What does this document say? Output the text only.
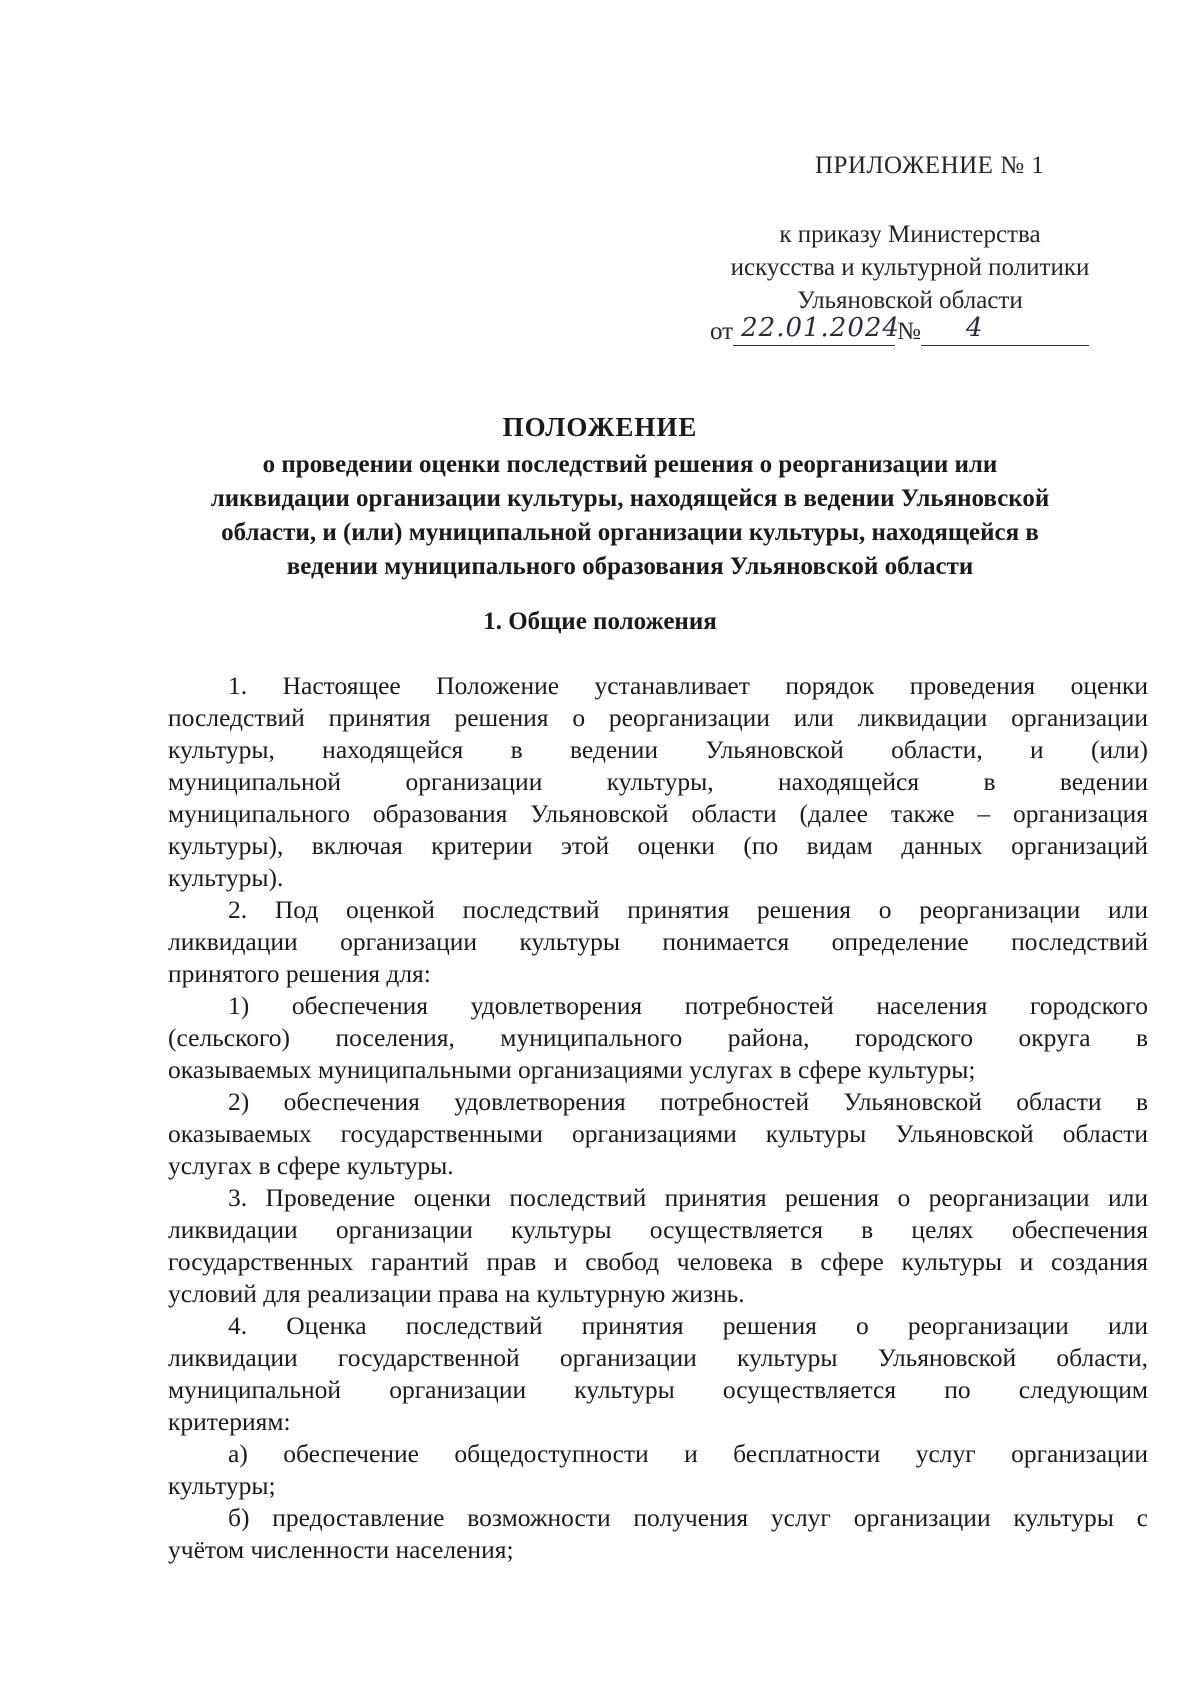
ПРИЛОЖЕНИЕ № 1
к приказу Министерства
искусства и культурной политики
Ульяновской области
от 22.01.2024
№ 4
ПОЛОЖЕНИЕ
о проведении оценки последствий решения о реорганизации или
ликвидации организации культуры, находящейся в ведении Ульяновской
области, и (или) муниципальной организации культуры, находящейся в
ведении муниципального образования Ульяновской области
1. Общие положения
1. Настоящее Положение устанавливает порядок проведения оценки
последствий принятия решения о реорганизации или ликвидации организации
культуры, находящейся в ведении Ульяновской области, и (или)
муниципальной организации культуры, находящейся в ведении
муниципального образования Ульяновской области (далее также – организация
культуры), включая критерии этой оценки (по видам данных организаций
культуры).
2. Под оценкой последствий принятия решения о реорганизации или
ликвидации организации культуры понимается определение последствий
принятого решения для:
1) обеспечения удовлетворения потребностей населения городского
(сельского) поселения, муниципального района, городского округа в
оказываемых муниципальными организациями услугах в сфере культуры;
2) обеспечения удовлетворения потребностей Ульяновской области в
оказываемых государственными организациями культуры Ульяновской области
услугах в сфере культуры.
3. Проведение оценки последствий принятия решения о реорганизации или
ликвидации организации культуры осуществляется в целях обеспечения
государственных гарантий прав и свобод человека в сфере культуры и создания
условий для реализации права на культурную жизнь.
4. Оценка последствий принятия решения о реорганизации или
ликвидации государственной организации культуры Ульяновской области,
муниципальной организации культуры осуществляется по следующим
критериям:
а) обеспечение общедоступности и бесплатности услуг организации
культуры;
б) предоставление возможности получения услуг организации культуры с
учётом численности населения;
